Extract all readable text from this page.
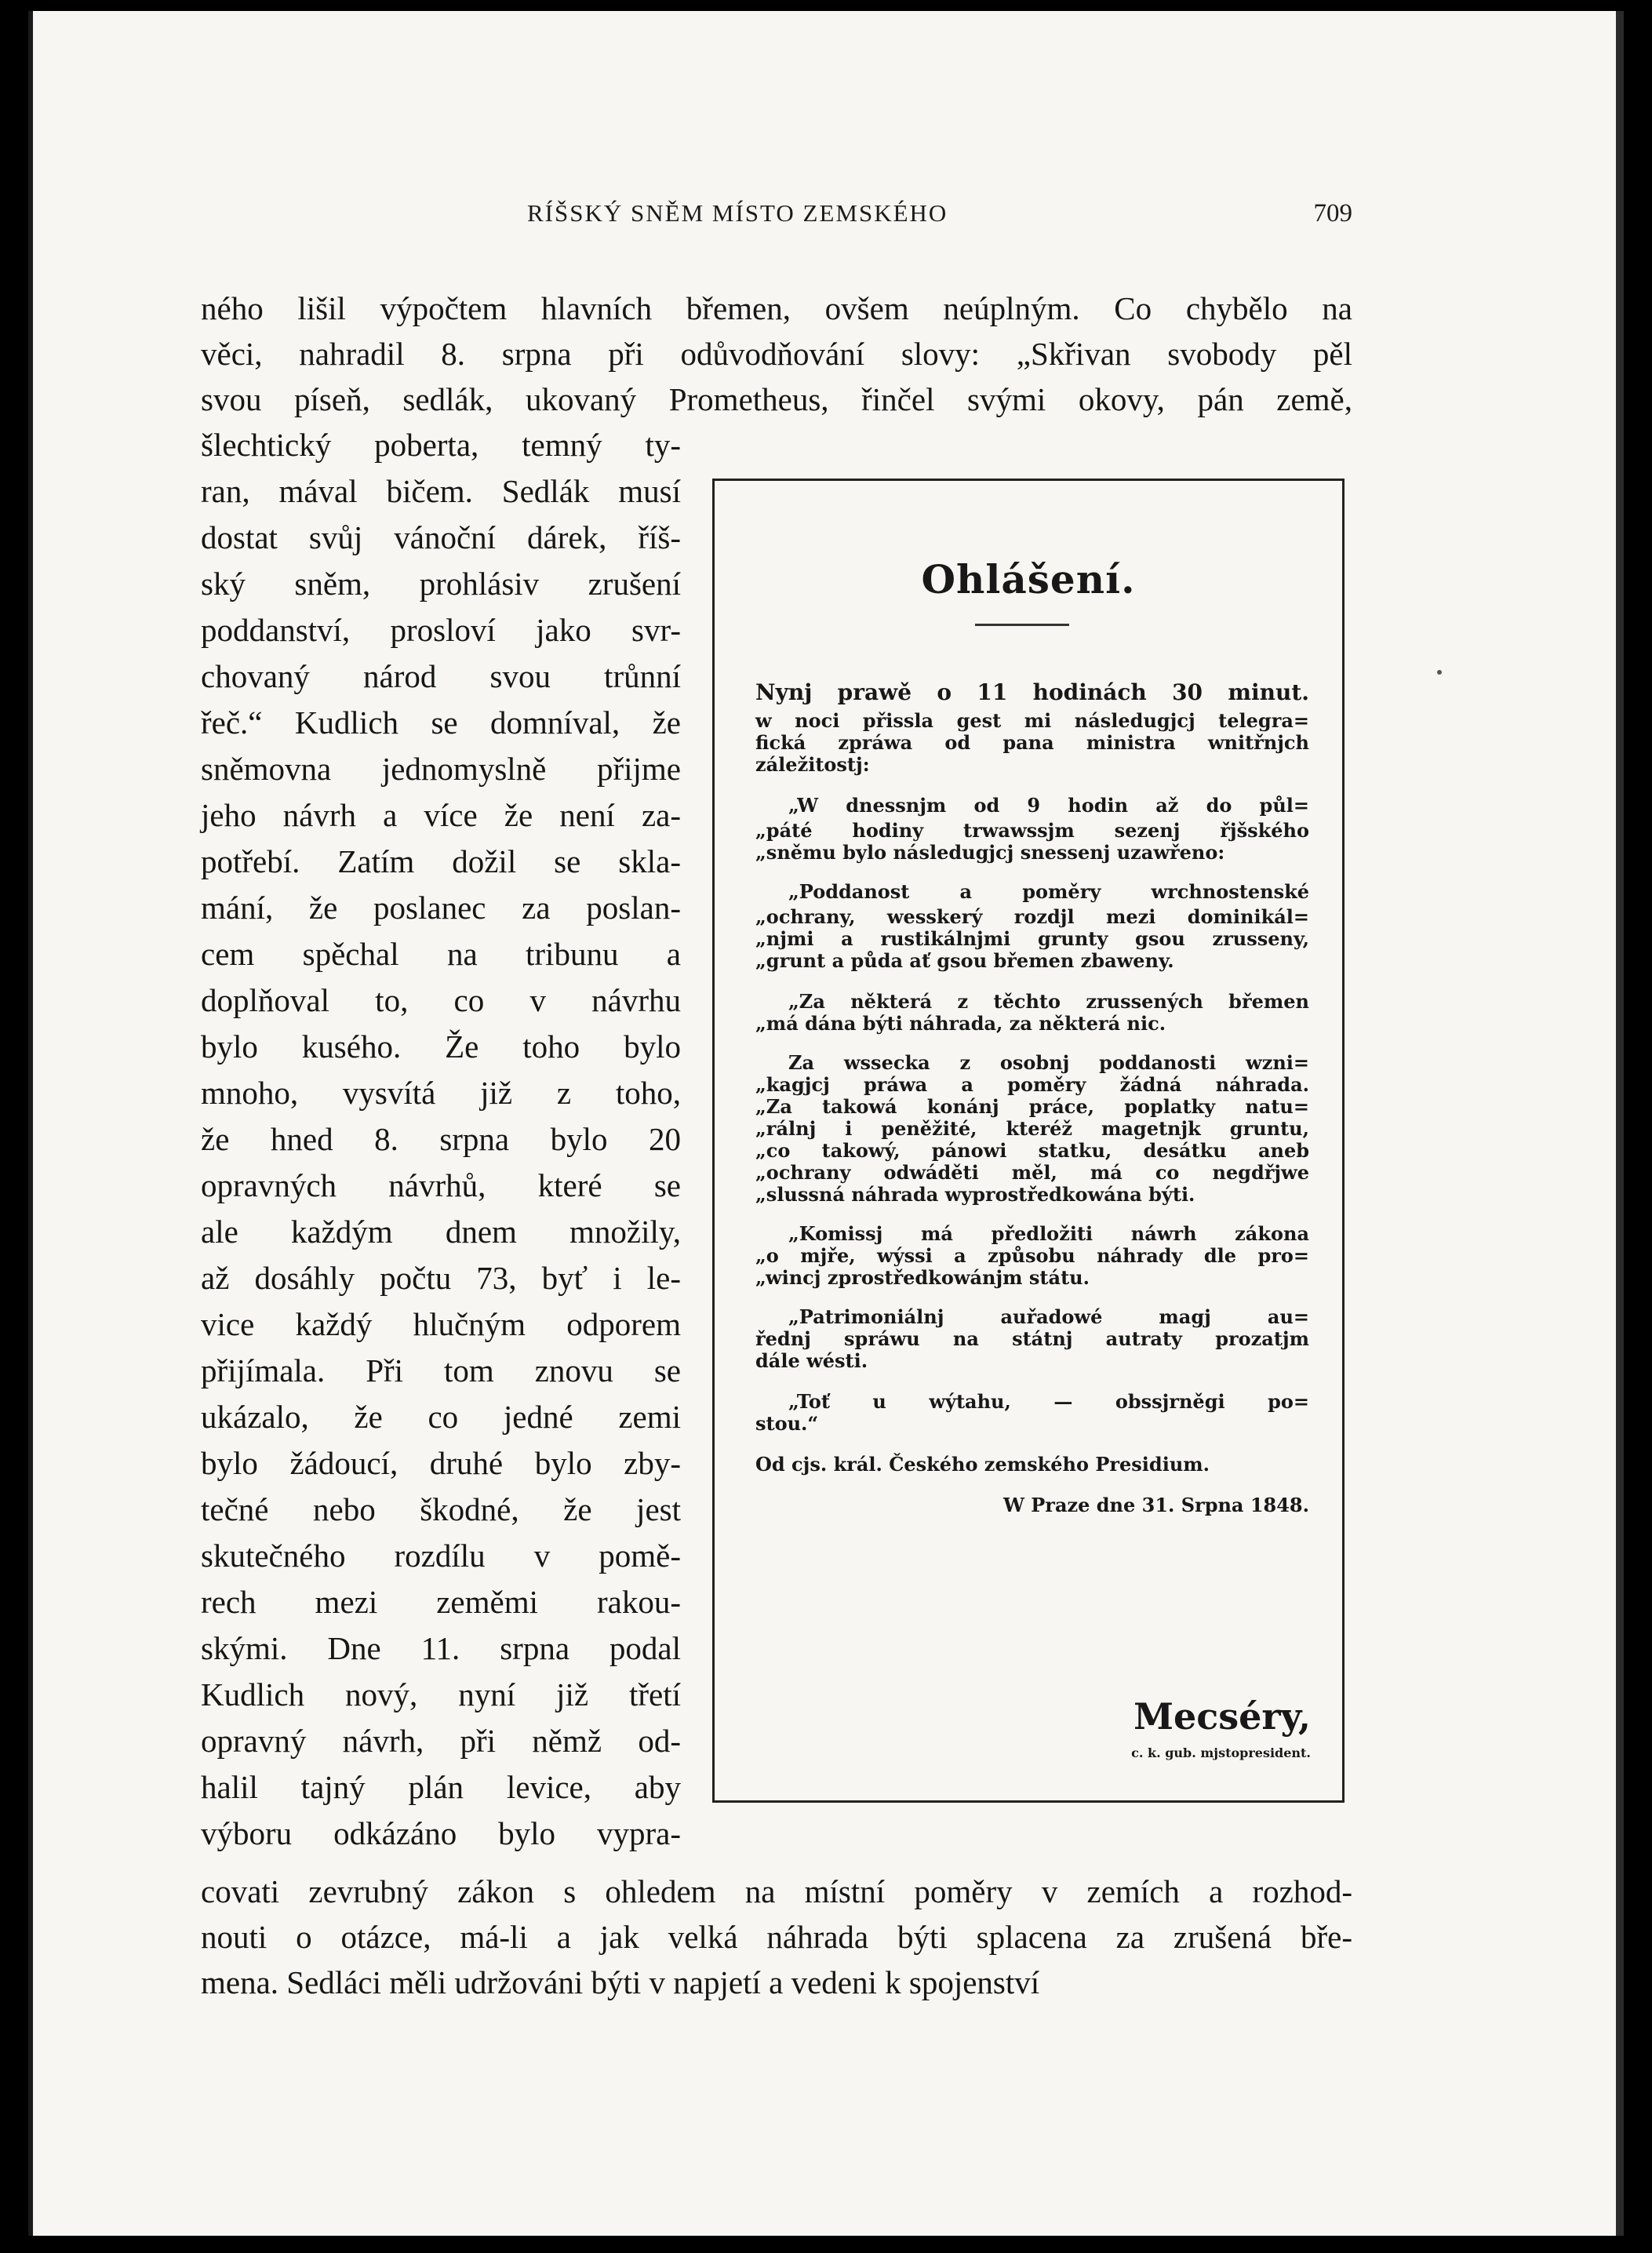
RÍŠSKÝ SNĚM MÍSTO ZEMSKÉHO	709
ného lišil výpočtem hlavních břemen, ovšem neúplným. Co chybělo na
věci, nahradil 8. srpna při odůvodňování slovy: „Skřivan svobody pěl
svou píseň, sedlák, ukovaný Prometheus, řinčel svými okovy, pán země,
šlechtický poberta, temný ty-
ran, mával bičem. Sedlák musí
dostat svůj vánoční dárek, říš-
ský sněm, prohlásiv zrušení
poddanství, prosloví jako svr-
chovaný národ svou trůnní
řeč.“ Kudlich se domníval, že
sněmovna jednomyslně přijme
jeho návrh a více že není za-
potřebí. Zatím dožil se skla-
mání, že poslanec za poslan-
cem spěchal na tribunu a
doplňoval to, co v návrhu
bylo kusého. Že toho bylo
mnoho, vysvítá již z toho,
že hned 8. srpna bylo 20
opravných návrhů, které se
ale každým dnem množily,
až dosáhly počtu 73, byť i le-
vice každý hlučným odporem
přijímala. Při tom znovu se
ukázalo, že co jedné zemi
bylo žádoucí, druhé bylo zby-
tečné nebo škodné, že jest
skutečného rozdílu v pomě-
rech mezi zeměmi rakou-
skými. Dne 11. srpna podal
Kudlich nový, nyní již třetí
opravný návrh, při němž od-
halil tajný plán levice, aby
výboru odkázáno bylo vypra-
covati zevrubný zákon s ohledem na místní poměry v zemích a rozhod-
nouti o otázce, má-li a jak velká náhrada býti splacena za zrušená bře-
mena. Sedláci měli udržováni býti v napjetí a vedeni k spojenství
Ohlášení.
Nynj prawě o 11 hodinách 30 minut.
w noci přissla gest mi následugjcj telegra=
fická zpráwa od pana ministra wnitřnjch
záležitostj:
„W dnessnjm od 9 hodin až do půl=
„páté hodiny trwawssjm sezenj řjšského
„sněmu bylo následugjcj snessenj uzawřeno:
„Poddanost a poměry wrchnostenské
„ochrany, wesskerý rozdjl mezi dominikál=
„njmi a rustikálnjmi grunty gsou zrusseny,
„grunt a půda ať gsou břemen zbaweny.
„Za některá z těchto zrussených břemen
„má dána býti náhrada, za některá nic.
Za wssecka z osobnj poddanosti wzni=
„kagjcj práwa a poměry žádná náhrada.
„Za takowá konánj práce, poplatky natu=
„rálnj i peněžité, kteréž magetnjk gruntu,
„co takowý, pánowi statku, desátku aneb
„ochrany odwáděti měl, má co negdřjwe
„slussná náhrada wyprostředkowána býti.
„Komissj má předložiti náwrh zákona
„o mjře, wýssi a způsobu náhrady dle pro=
„wincj zprostředkowánjm státu.
„Patrimoniálnj auřadowé magj au=
řednj spráwu na státnj autraty prozatjm
dále wésti.
„Toť u wýtahu, — obssjrněgi po=
stou.“
Od cjs. král. Českého zemského Presidium.
W Praze dne 31. Srpna 1848.
Mecséry,
c. k. gub. mjstopresident.
